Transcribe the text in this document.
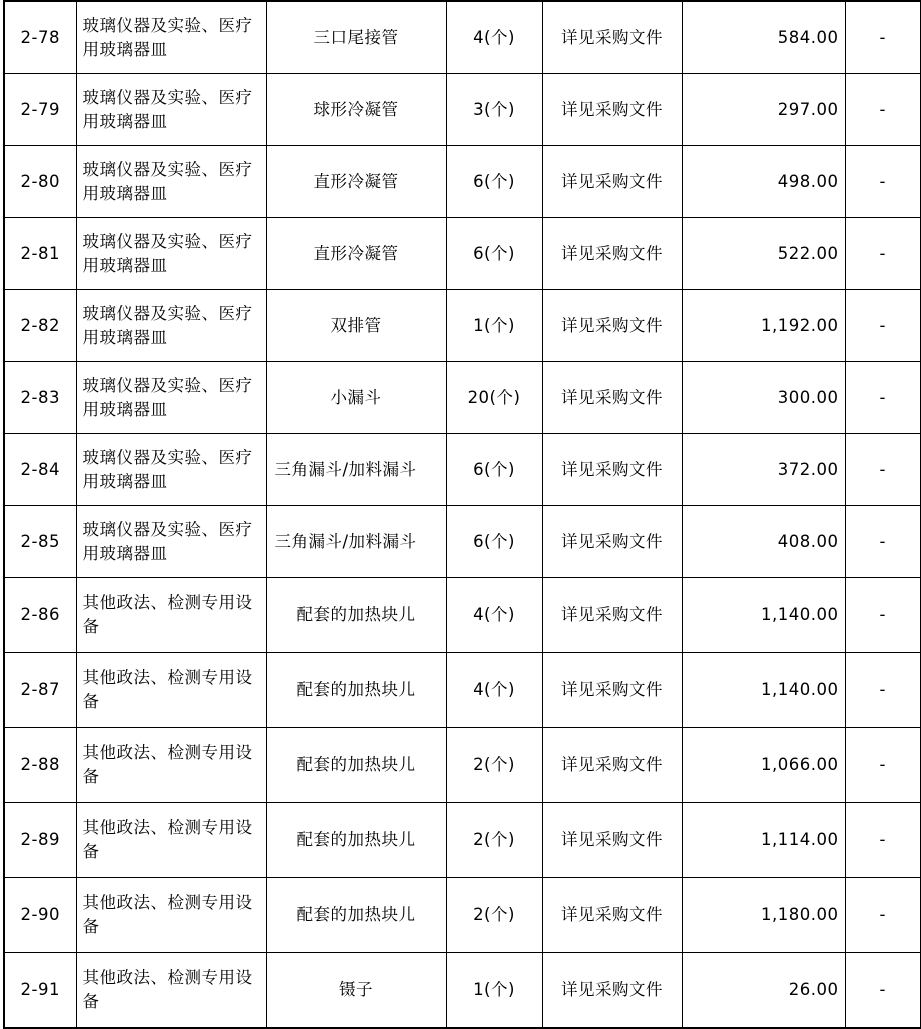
2-78	玻璃仪器及实验、医疗用玻璃器皿	三口尾接管	4(个)	详见采购文件	584.00	-
2-79	玻璃仪器及实验、医疗用玻璃器皿	球形冷凝管	3(个)	详见采购文件	297.00	-
2-80	玻璃仪器及实验、医疗用玻璃器皿	直形冷凝管	6(个)	详见采购文件	498.00	-
2-81	玻璃仪器及实验、医疗用玻璃器皿	直形冷凝管	6(个)	详见采购文件	522.00	-
2-82	玻璃仪器及实验、医疗用玻璃器皿	双排管	1(个)	详见采购文件	1,192.00	-
2-83	玻璃仪器及实验、医疗用玻璃器皿	小漏斗	20(个)	详见采购文件	300.00	-
2-84	玻璃仪器及实验、医疗用玻璃器皿	三角漏斗/加料漏斗	6(个)	详见采购文件	372.00	-
2-85	玻璃仪器及实验、医疗用玻璃器皿	三角漏斗/加料漏斗	6(个)	详见采购文件	408.00	-
2-86	其他政法、检测专用设备	配套的加热块儿	4(个)	详见采购文件	1,140.00	-
2-87	其他政法、检测专用设备	配套的加热块儿	4(个)	详见采购文件	1,140.00	-
2-88	其他政法、检测专用设备	配套的加热块儿	2(个)	详见采购文件	1,066.00	-
2-89	其他政法、检测专用设备	配套的加热块儿	2(个)	详见采购文件	1,114.00	-
2-90	其他政法、检测专用设备	配套的加热块儿	2(个)	详见采购文件	1,180.00	-
2-91	其他政法、检测专用设备	镊子	1(个)	详见采购文件	26.00	-
